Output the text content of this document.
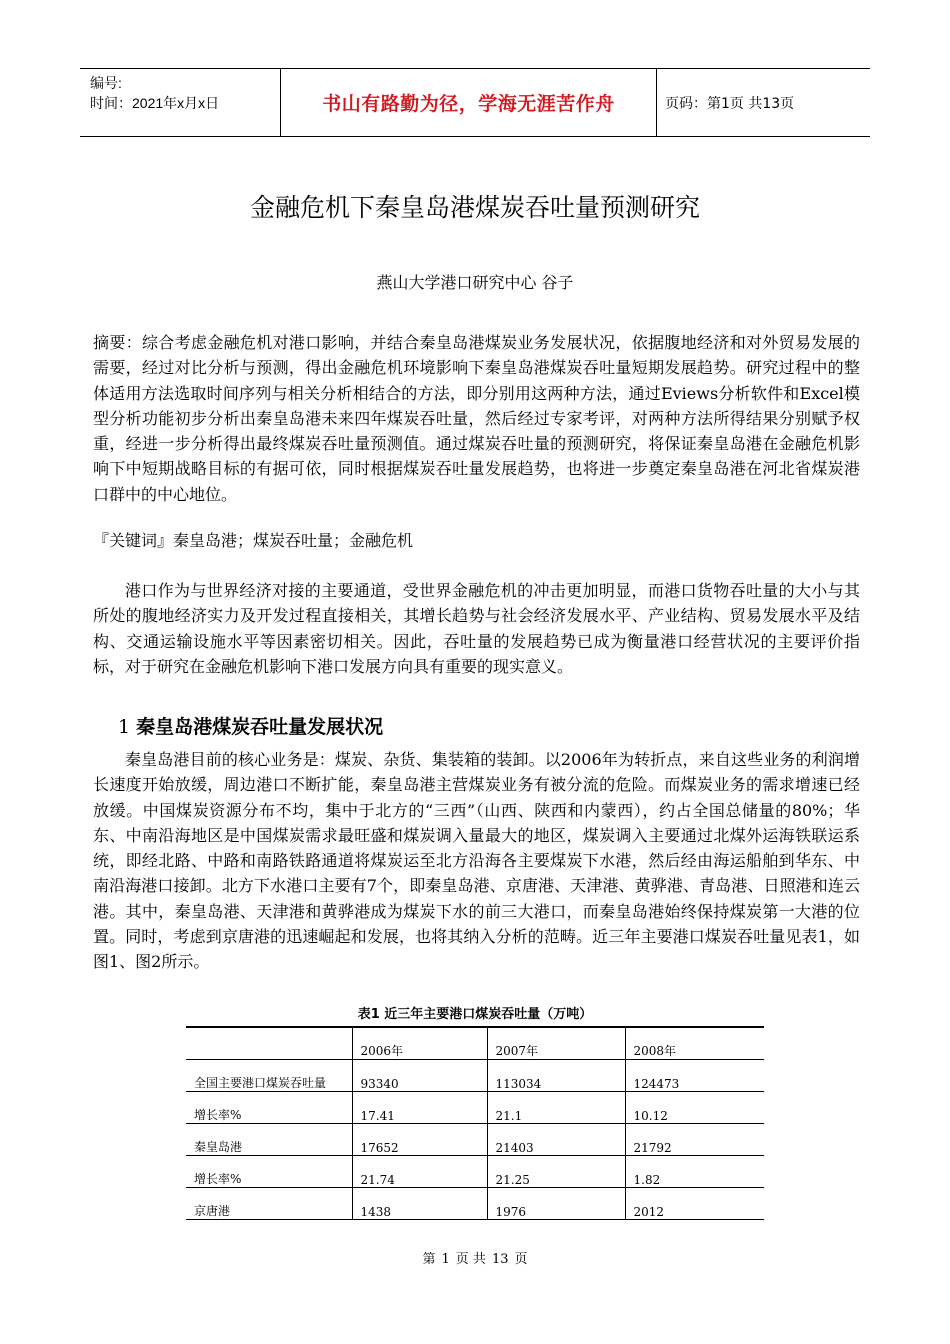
编号:
时间：2021年x月x日	书山有路勤为径，学海无涯苦作舟	页码：第1页 共13页
金融危机下秦皇岛港煤炭吞吐量预测研究
燕山大学港口研究中心 谷子
摘要：综合考虑金融危机对港口影响，并结合秦皇岛港煤炭业务发展状况，依据腹地经济和对外贸易发展的需要，经过对比分析与预测，得出金融危机环境影响下秦皇岛港煤炭吞吐量短期发展趋势。研究过程中的整体适用方法选取时间序列与相关分析相结合的方法，即分别用这两种方法，通过Eviews分析软件和Excel模型分析功能初步分析出秦皇岛港未来四年煤炭吞吐量，然后经过专家考评，对两种方法所得结果分别赋予权重，经进一步分析得出最终煤炭吞吐量预测值。通过煤炭吞吐量的预测研究，将保证秦皇岛港在金融危机影响下中短期战略目标的有据可依，同时根据煤炭吞吐量发展趋势，也将进一步奠定秦皇岛港在河北省煤炭港口群中的中心地位。
『关键词』秦皇岛港；煤炭吞吐量；金融危机
港口作为与世界经济对接的主要通道，受世界金融危机的冲击更加明显，而港口货物吞吐量的大小与其所处的腹地经济实力及开发过程直接相关，其增长趋势与社会经济发展水平、产业结构、贸易发展水平及结构、交通运输设施水平等因素密切相关。因此，吞吐量的发展趋势已成为衡量港口经营状况的主要评价指标，对于研究在金融危机影响下港口发展方向具有重要的现实意义。
1 秦皇岛港煤炭吞吐量发展状况
秦皇岛港目前的核心业务是：煤炭、杂货、集装箱的装卸。以2006年为转折点，来自这些业务的利润增长速度开始放缓，周边港口不断扩能，秦皇岛港主营煤炭业务有被分流的危险。而煤炭业务的需求增速已经放缓。中国煤炭资源分布不均，集中于北方的“三西”（山西、陕西和内蒙西），约占全国总储量的80%；华东、中南沿海地区是中国煤炭需求最旺盛和煤炭调入量最大的地区，煤炭调入主要通过北煤外运海铁联运系统，即经北路、中路和南路铁路通道将煤炭运至北方沿海各主要煤炭下水港，然后经由海运船舶到华东、中南沿海港口接卸。北方下水港口主要有7个，即秦皇岛港、京唐港、天津港、黄骅港、青岛港、日照港和连云港。其中，秦皇岛港、天津港和黄骅港成为煤炭下水的前三大港口，而秦皇岛港始终保持煤炭第一大港的位置。同时，考虑到京唐港的迅速崛起和发展，也将其纳入分析的范畴。近三年主要港口煤炭吞吐量见表1，如图1、图2所示。
表1 近三年主要港口煤炭吞吐量（万吨）
	2006年	2007年	2008年
全国主要港口煤炭吞吐量	93340	113034	124473
增长率%	17.41	21.1	10.12
秦皇岛港	17652	21403	21792
增长率%	21.74	21.25	1.82
京唐港	1438	1976	2012
第 1 页 共 13 页
